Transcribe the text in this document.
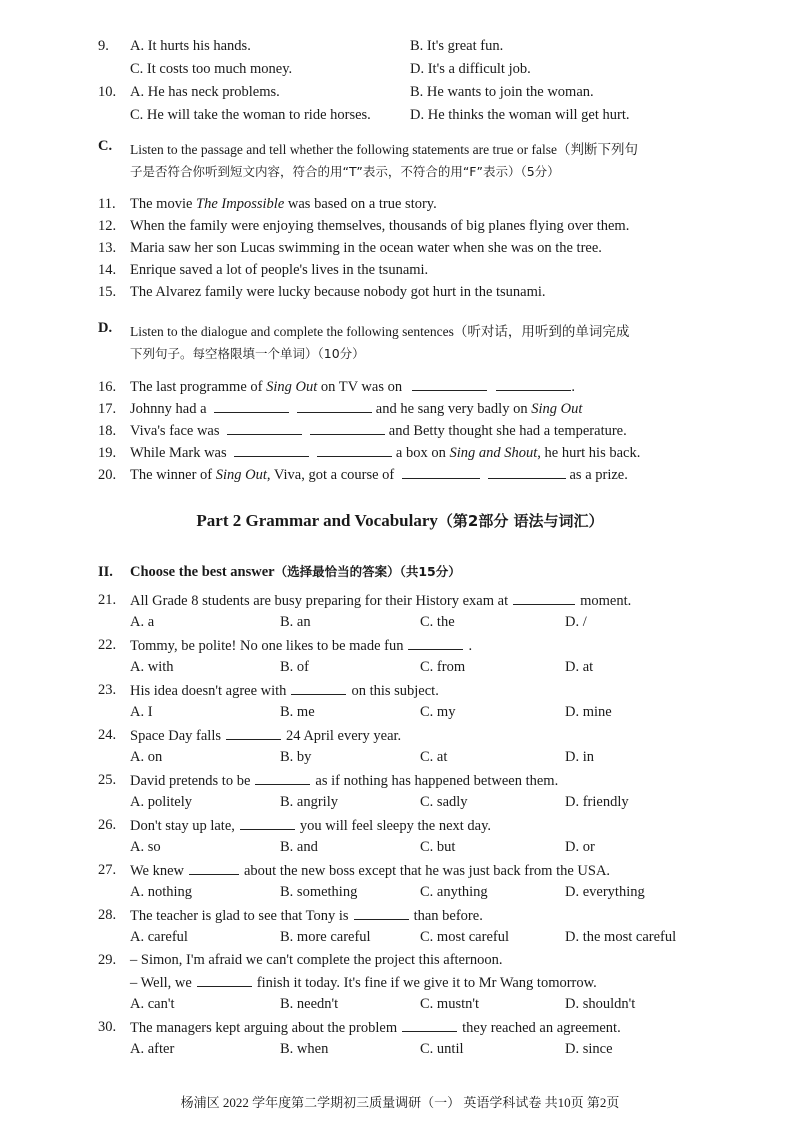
9. A. It hurts his hands.	B. It's great fun.
C. It costs too much money.	D. It's a difficult job.
10. A. He has neck problems.	B. He wants to join the woman.
C. He will take the woman to ride horses.	D. He thinks the woman will get hurt.
C. Listen to the passage and tell whether the following statements are true or false（判断下列句
子是否符合你听到短文内容，符合的用“T”表示，不符合的用“F”表示）（5分）
11. The movie The Impossible was based on a true story.
12. When the family were enjoying themselves, thousands of big planes flying over them.
13. Maria saw her son Lucas swimming in the ocean water when she was on the tree.
14. Enrique saved a lot of people's lives in the tsunami.
15. The Alvarez family were lucky because nobody got hurt in the tsunami.
D. Listen to the dialogue and complete the following sentences（听对话，用听到的单词完成
下列句子。每空格限填一个单词）（10分）
16. The last programme of Sing Out on TV was on	.
17. Johnny had a	and he sang very badly on Sing Out
18. Viva's face was	and Betty thought she had a temperature.
19. While Mark was	a box on Sing and Shout, he hurt his back.
20. The winner of Sing Out, Viva, got a course of	as a prize.
Part 2 Grammar and Vocabulary（第2部分 语法与词汇）
II. Choose the best answer（选择最恰当的答案）（共15分）
21. All Grade 8 students are busy preparing for their History exam at	moment.
A. a	B. an	C. the	D. /
22. Tommy, be polite! No one likes to be made fun	.
A. with	B. of	C. from	D. at
23. His idea doesn't agree with	on this subject.
A. I	B. me	C. my	D. mine
24. Space Day falls	24 April every year.
A. on	B. by	C. at	D. in
25. David pretends to be	as if nothing has happened between them.
A. politely	B. angrily	C. sadly	D. friendly
26. Don't stay up late,	you will feel sleepy the next day.
A. so	B. and	C. but	D. or
27. We knew	about the new boss except that he was just back from the USA.
A. nothing	B. something	C. anything	D. everything
28. The teacher is glad to see that Tony is	than before.
A. careful	B. more careful	C. most careful	D. the most careful
29. – Simon, I'm afraid we can't complete the project this afternoon.
– Well, we	finish it today. It's fine if we give it to Mr Wang tomorrow.
A. can't	B. needn't	C. mustn't	D. shouldn't
30. The managers kept arguing about the problem	they reached an agreement.
A. after	B. when	C. until	D. since
杨浦区 2022 学年度第二学期初三质量调研（一） 英语学科试卷 共10页 第2页
